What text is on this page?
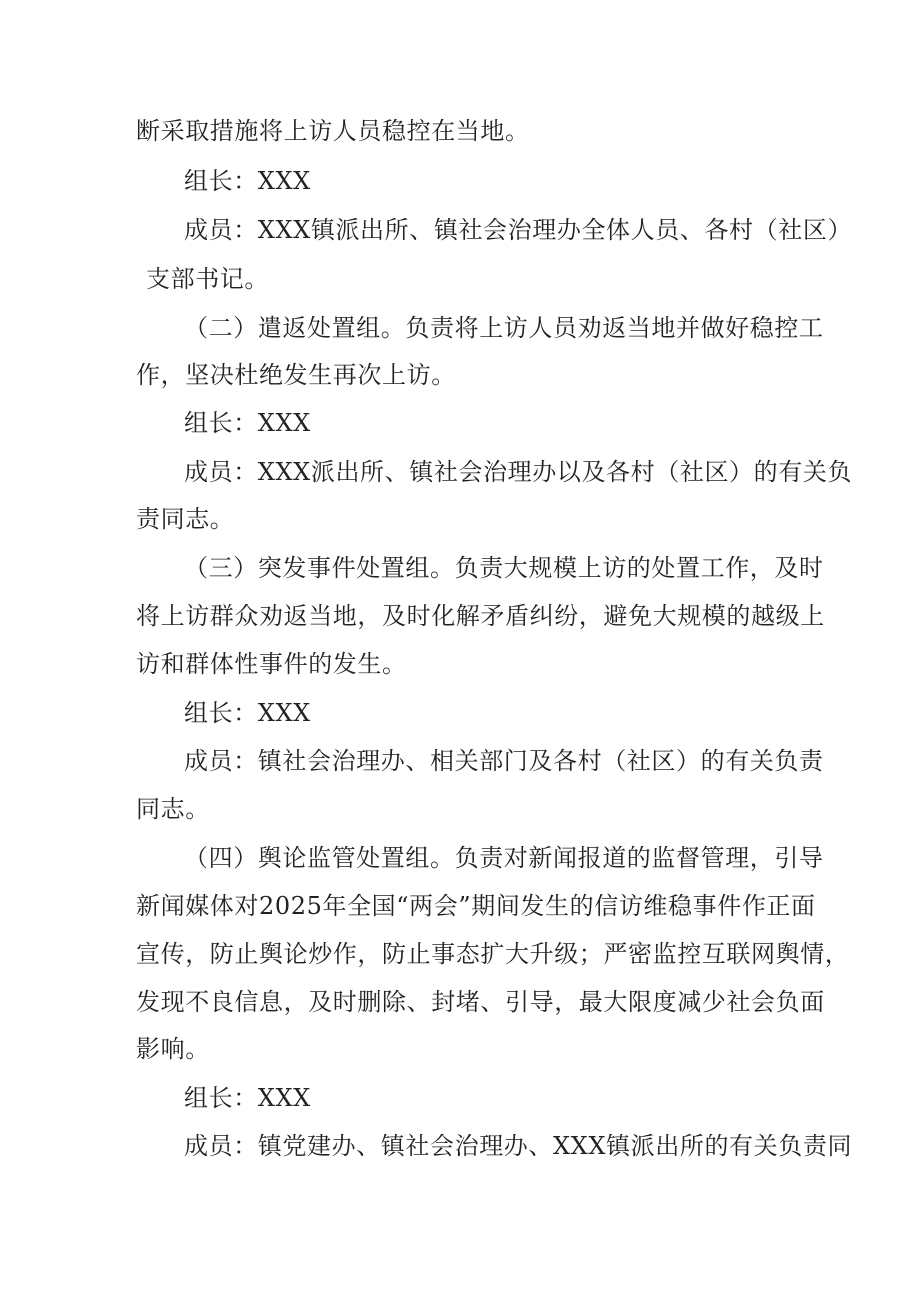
断采取措施将上访人员稳控在当地。
组长：XXX
成员：XXX镇派出所、镇社会治理办全体人员、各村（社区）
支部书记。
（二）遣返处置组。负责将上访人员劝返当地并做好稳控工
作，坚决杜绝发生再次上访。
组长：XXX
成员：XXX派出所、镇社会治理办以及各村（社区）的有关负
责同志。
（三）突发事件处置组。负责大规模上访的处置工作，及时
将上访群众劝返当地，及时化解矛盾纠纷，避免大规模的越级上
访和群体性事件的发生。
组长：XXX
成员：镇社会治理办、相关部门及各村（社区）的有关负责
同志。
（四）舆论监管处置组。负责对新闻报道的监督管理，引导
新闻媒体对2025年全国“两会”期间发生的信访维稳事件作正面
宣传，防止舆论炒作，防止事态扩大升级；严密监控互联网舆情，
发现不良信息，及时删除、封堵、引导，最大限度减少社会负面
影响。
组长：XXX
成员：镇党建办、镇社会治理办、XXX镇派出所的有关负责同
